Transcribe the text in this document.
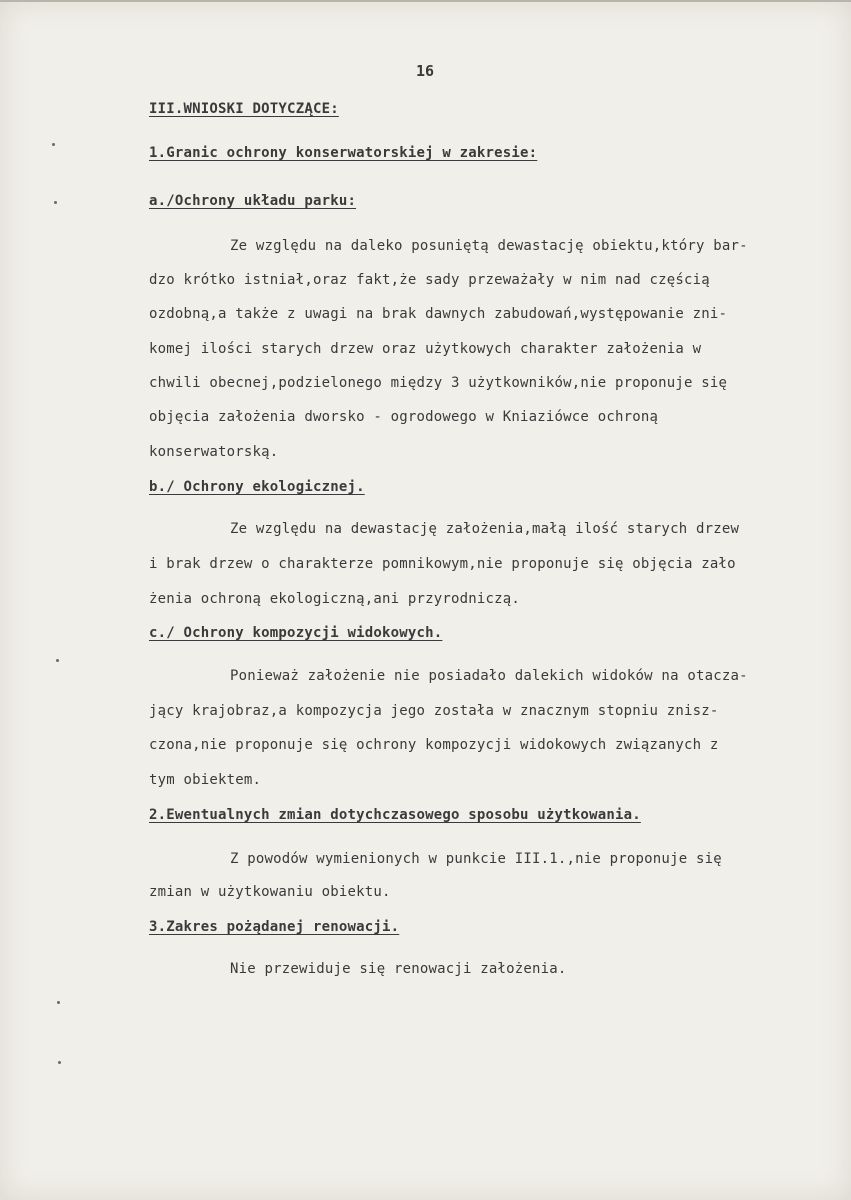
16
III.WNIOSKI DOTYCZĄCE:
1.Granic ochrony konserwatorskiej w zakresie:
a./Ochrony układu parku:
Ze względu na daleko posuniętą dewastację obiektu,który bar-
dzo krótko istniał,oraz fakt,że sady przeważały w nim nad częścią
ozdobną,a także z uwagi na brak dawnych zabudowań,występowanie zni-
komej ilości starych drzew oraz użytkowych charakter założenia w
chwili obecnej,podzielonego między 3 użytkowników,nie proponuje się
objęcia założenia dworsko - ogrodowego w Kniaziówce ochroną
konserwatorską.
b./ Ochrony ekologicznej.
Ze względu na dewastację założenia,małą ilość starych drzew
i brak drzew o charakterze pomnikowym,nie proponuje się objęcia zało
żenia ochroną ekologiczną,ani przyrodniczą.
c./ Ochrony kompozycji widokowych.
Ponieważ założenie nie posiadało dalekich widoków na otacza-
jący krajobraz,a kompozycja jego została w znacznym stopniu znisz-
czona,nie proponuje się ochrony kompozycji widokowych związanych z
tym obiektem.
2.Ewentualnych zmian dotychczasowego sposobu użytkowania.
Z powodów wymienionych w punkcie III.1.,nie proponuje się
zmian w użytkowaniu obiektu.
3.Zakres pożądanej renowacji.
Nie przewiduje się renowacji założenia.
